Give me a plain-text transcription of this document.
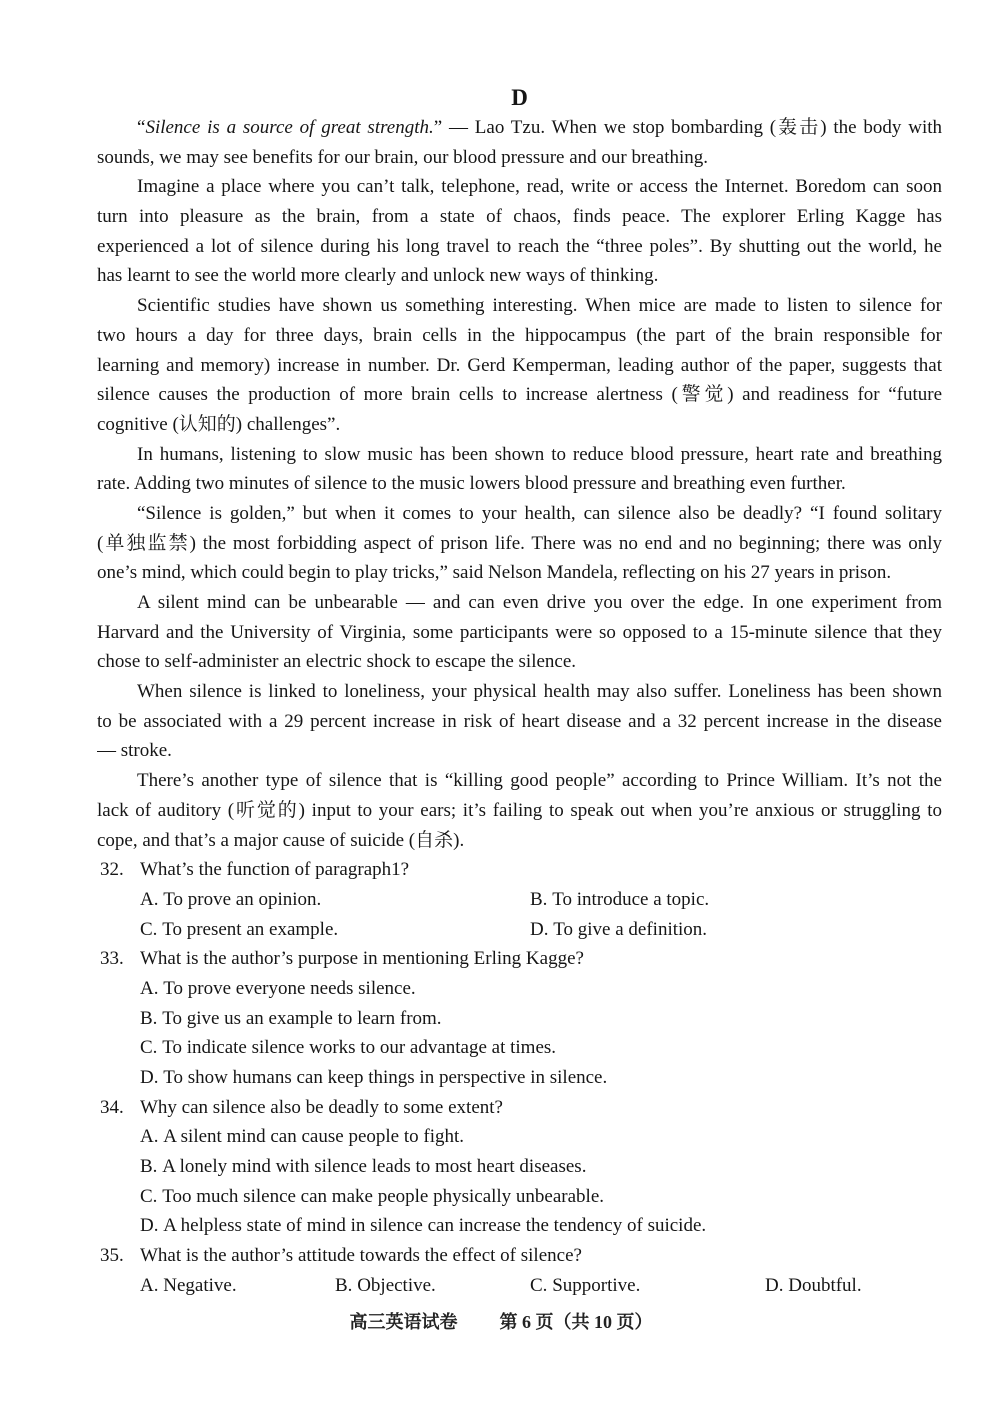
D
“Silence is a source of great strength.” — Lao Tzu. When we stop bombarding (轰击) the body with
sounds, we may see benefits for our brain, our blood pressure and our breathing.
Imagine a place where you can’t talk, telephone, read, write or access the Internet. Boredom can soon
turn into pleasure as the brain, from a state of chaos, finds peace. The explorer Erling Kagge has
experienced a lot of silence during his long travel to reach the “three poles”. By shutting out the world, he
has learnt to see the world more clearly and unlock new ways of thinking.
Scientific studies have shown us something interesting. When mice are made to listen to silence for
two hours a day for three days, brain cells in the hippocampus (the part of the brain responsible for
learning and memory) increase in number. Dr. Gerd Kemperman, leading author of the paper, suggests that
silence causes the production of more brain cells to increase alertness (警觉) and readiness for “future
cognitive (认知的) challenges”.
In humans, listening to slow music has been shown to reduce blood pressure, heart rate and breathing
rate. Adding two minutes of silence to the music lowers blood pressure and breathing even further.
“Silence is golden,” but when it comes to your health, can silence also be deadly? “I found solitary
(单独监禁) the most forbidding aspect of prison life. There was no end and no beginning; there was only
one’s mind, which could begin to play tricks,” said Nelson Mandela, reflecting on his 27 years in prison.
A silent mind can be unbearable — and can even drive you over the edge. In one experiment from
Harvard and the University of Virginia, some participants were so opposed to a 15-minute silence that they
chose to self-administer an electric shock to escape the silence.
When silence is linked to loneliness, your physical health may also suffer. Loneliness has been shown
to be associated with a 29 percent increase in risk of heart disease and a 32 percent increase in the disease
— stroke.
There’s another type of silence that is “killing good people” according to Prince William. It’s not the
lack of auditory (听觉的) input to your ears; it’s failing to speak out when you’re anxious or struggling to
cope, and that’s a major cause of suicide (自杀).
32. What’s the function of paragraph1?
A. To prove an opinion.	B. To introduce a topic.
C. To present an example.	D. To give a definition.
33. What is the author’s purpose in mentioning Erling Kagge?
A. To prove everyone needs silence.
B. To give us an example to learn from.
C. To indicate silence works to our advantage at times.
D. To show humans can keep things in perspective in silence.
34. Why can silence also be deadly to some extent?
A. A silent mind can cause people to fight.
B. A lonely mind with silence leads to most heart diseases.
C. Too much silence can make people physically unbearable.
D. A helpless state of mind in silence can increase the tendency of suicide.
35. What is the author’s attitude towards the effect of silence?
A. Negative.	B. Objective.	C. Supportive.	D. Doubtful.
高三英语试卷 第 6 页（共 10 页）
